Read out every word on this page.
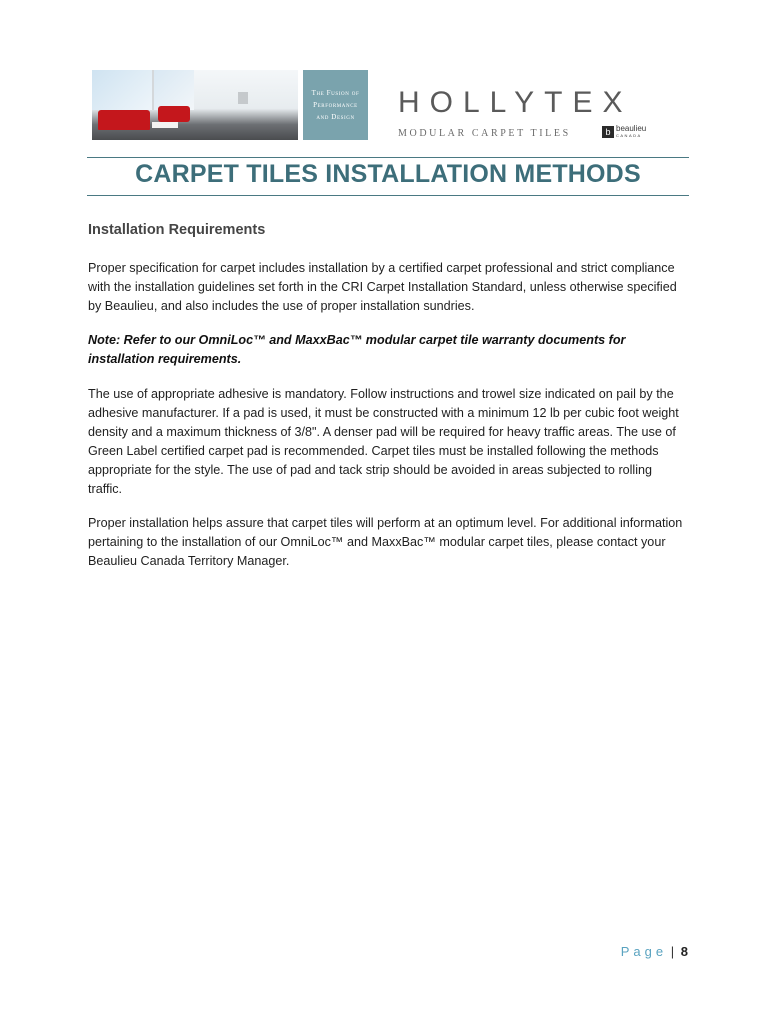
The Fusion of
Performance
and Design	HOLLYTEX
MODULAR CARPET TILES	b beaulieu
CANADA
CARPET TILES INSTALLATION METHODS
Installation Requirements

Proper specification for carpet includes installation by a certified carpet professional and strict compliance with the installation guidelines set forth in the CRI Carpet Installation Standard, unless otherwise specified by Beaulieu, and also includes the use of proper installation sundries.

Note: Refer to our OmniLoc™ and MaxxBac™ modular carpet tile warranty documents for installation requirements.

The use of appropriate adhesive is mandatory. Follow instructions and trowel size indicated on pail by the adhesive manufacturer. If a pad is used, it must be constructed with a minimum 12 lb per cubic foot weight density and a maximum thickness of 3/8". A denser pad will be required for heavy traffic areas. The use of Green Label certified carpet pad is recommended. Carpet tiles must be installed following the methods appropriate for the style. The use of pad and tack strip should be avoided in areas subjected to rolling traffic.

Proper installation helps assure that carpet tiles will perform at an optimum level. For additional information pertaining to the installation of our OmniLoc™ and MaxxBac™ modular carpet tiles, please contact your Beaulieu Canada Territory Manager.

Page | 8
